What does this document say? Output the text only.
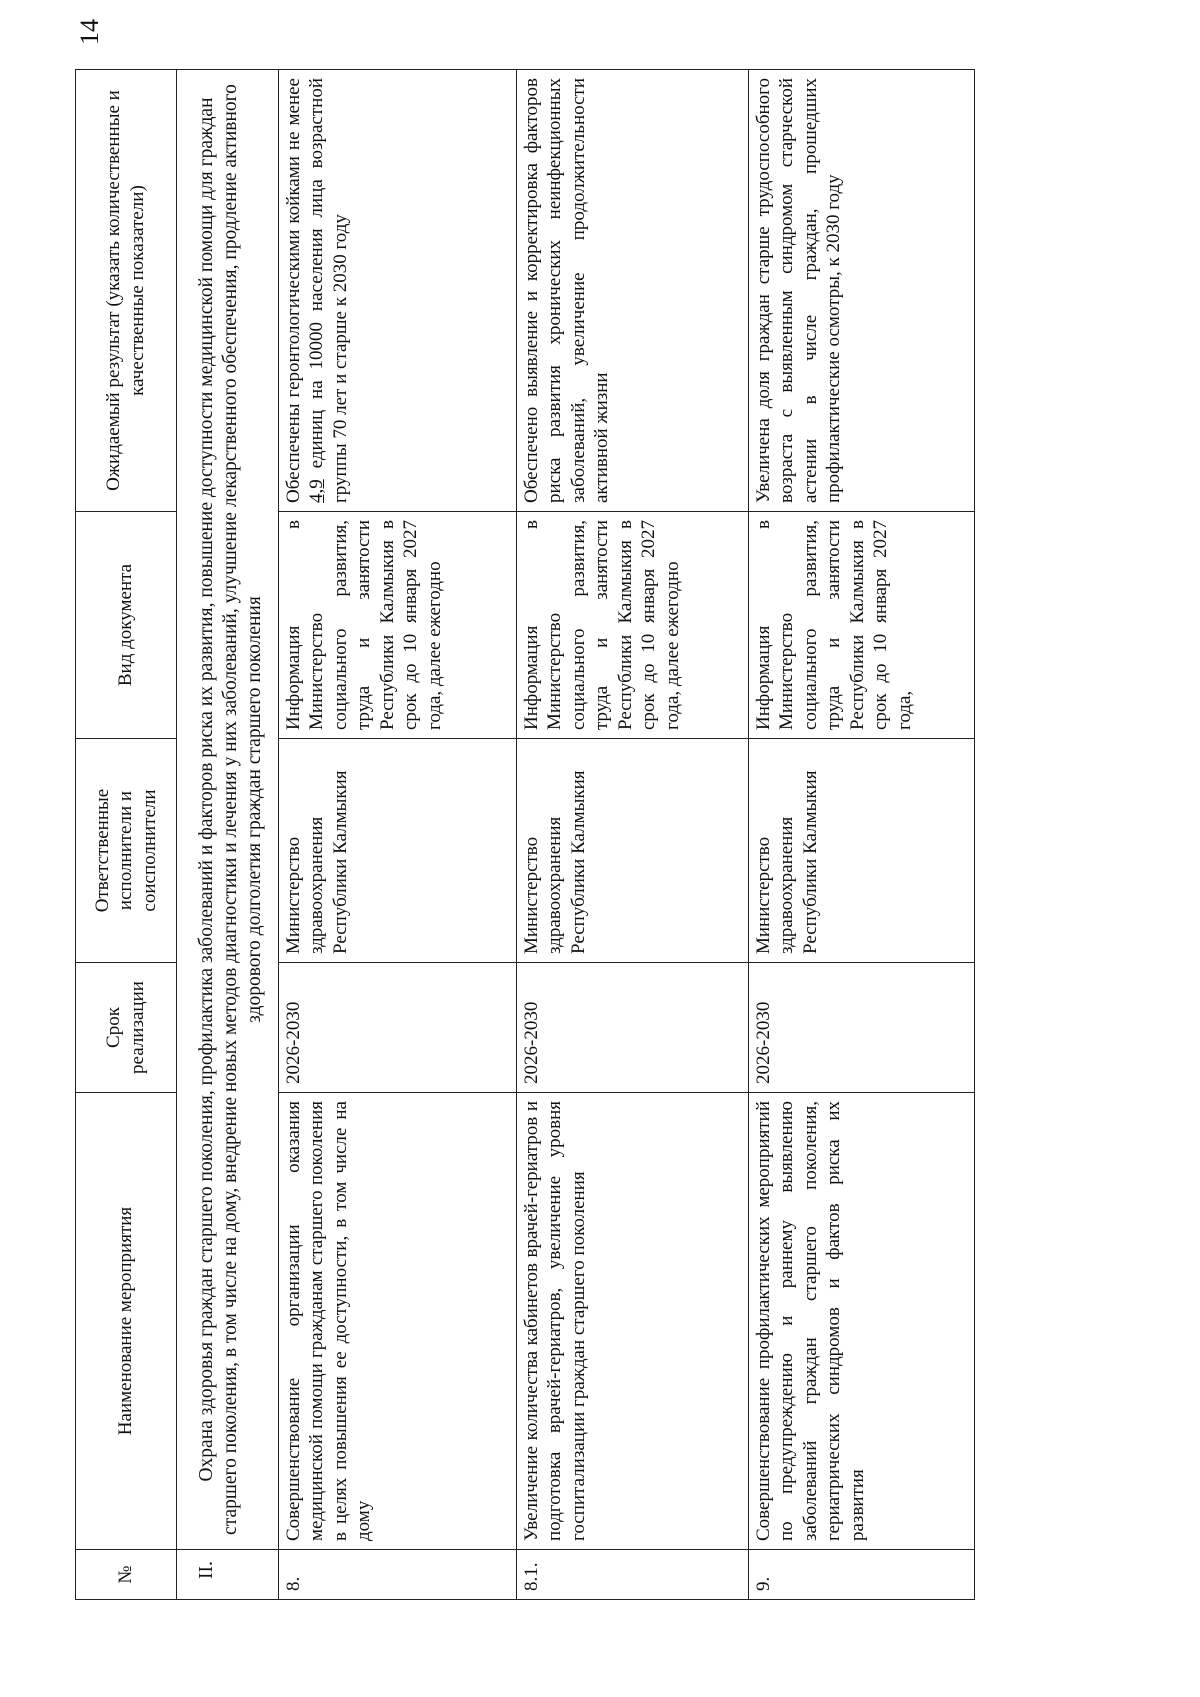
№	Наименование мероприятия	Срок реализации	Ответственные исполнители и соисполнители	Вид документа	Ожидаемый результат (указать количественные и качественные показатели)
II.	Охрана здоровья граждан старшего поколения, профилактика заболеваний и факторов риска их развития, повышение доступности медицинской помощи для граждан старшего поколения, в том числе на дому, внедрение новых методов диагностики и лечения у них заболеваний, улучшение лекарственного обеспечения, продление активного здорового долголетия граждан старшего поколения				
8.	Совершенствование организации оказания медицинской помощи гражданам старшего поколения в целях повышения ее доступности, в том числе на дому	2026-2030	Министерство здравоохранения Республики Калмыкия	Информация в Министерство социального развития, труда и занятости Республики Калмыкия в срок до 10 января 2027 года, далее ежегодно	Обеспечены геронтологическими койками не менее 4,9 единиц на 10000 населения лица возрастной группы 70 лет и старше к 2030 году
8.1.	Увеличение количества кабинетов врачей-гериатров и подготовка врачей-гериатров, увеличение уровня госпитализации граждан старшего поколения	2026-2030	Министерство здравоохранения Республики Калмыкия	Информация в Министерство социального развития, труда и занятости Республики Калмыкия в срок до 10 января 2027 года, далее ежегодно	Обеспечено выявление и корректировка факторов риска развития хронических неинфекционных заболеваний, увеличение продолжительности активной жизни
9.	Совершенствование профилактических мероприятий по предупреждению и раннему выявлению заболеваний граждан старшего поколения, гериатрических синдромов и фактов риска их развития	2026-2030	Министерство здравоохранения Республики Калмыкия	Информация в Министерство социального развития, труда и занятости Республики Калмыкия в срок до 10 января 2027 года,	Увеличена доля граждан старше трудоспособного возраста с выявленным синдромом старческой астении в числе граждан, прошедших профилактические осмотры, к 2030 году
14
